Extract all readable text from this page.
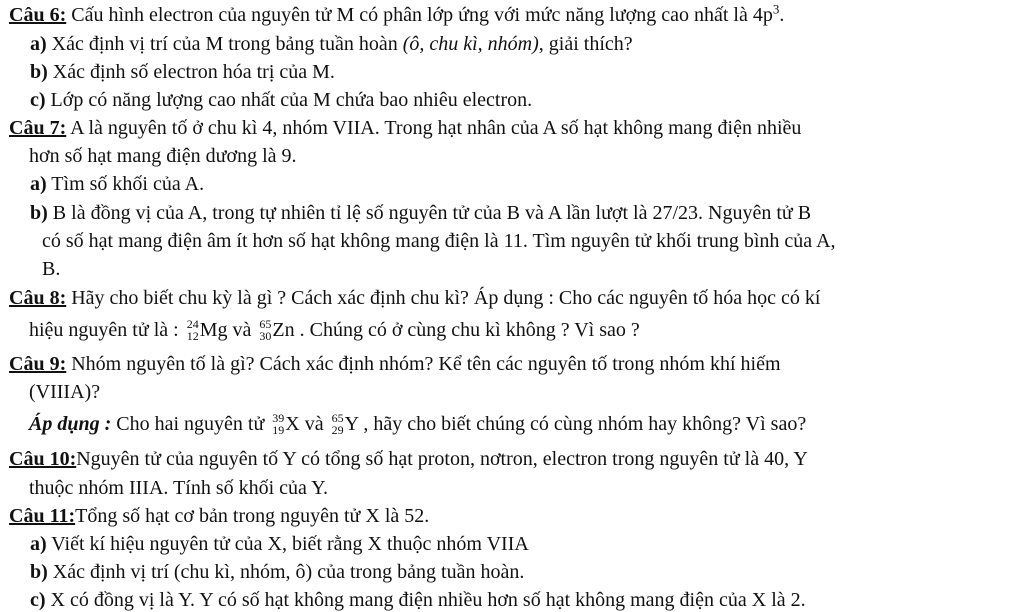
Câu 6: Cấu hình electron của nguyên tử M có phân lớp ứng với mức năng lượng cao nhất là $4p^3$.
a) Xác định vị trí của M trong bảng tuần hoàn (ô, chu kì, nhóm), giải thích?
b) Xác định số electron hóa trị của M.
c) Lớp có năng lượng cao nhất của M chứa bao nhiêu electron.
Câu 7: A là nguyên tố ở chu kì 4, nhóm VIIA. Trong hạt nhân của A số hạt không mang điện nhiều
hơn số hạt mang điện dương là 9.
a) Tìm số khối của A.
b) B là đồng vị của A, trong tự nhiên tỉ lệ số nguyên tử của B và A lần lượt là 27/23. Nguyên tử B
có số hạt mang điện âm ít hơn số hạt không mang điện là 11. Tìm nguyên tử khối trung bình của A,
B.
Câu 8: Hãy cho biết chu kỳ là gì ? Cách xác định chu kì? Áp dụng : Cho các nguyên tố hóa học có kí
hiệu nguyên tử là : 24
12 Mg và 65
30 Zn . Chúng có ở cùng chu kì không ? Vì sao ?
Câu 9: Nhóm nguyên tố là gì? Cách xác định nhóm? Kể tên các nguyên tố trong nhóm khí hiếm
(VIIIA)?
Áp dụng : Cho hai nguyên tử 39
19 X và 65
29 Y , hãy cho biết chúng có cùng nhóm hay không? Vì sao?
Câu 10:Nguyên tử của nguyên tố Y có tổng số hạt proton, nơtron, electron trong nguyên tử là 40, Y
thuộc nhóm IIIA. Tính số khối của Y.
Câu 11:Tổng số hạt cơ bản trong nguyên tử X là 52.
a) Viết kí hiệu nguyên tử của X, biết rằng X thuộc nhóm VIIA
b) Xác định vị trí (chu kì, nhóm, ô) của trong bảng tuần hoàn.
c) X có đồng vị là Y. Y có số hạt không mang điện nhiều hơn số hạt không mang điện của X là 2.
